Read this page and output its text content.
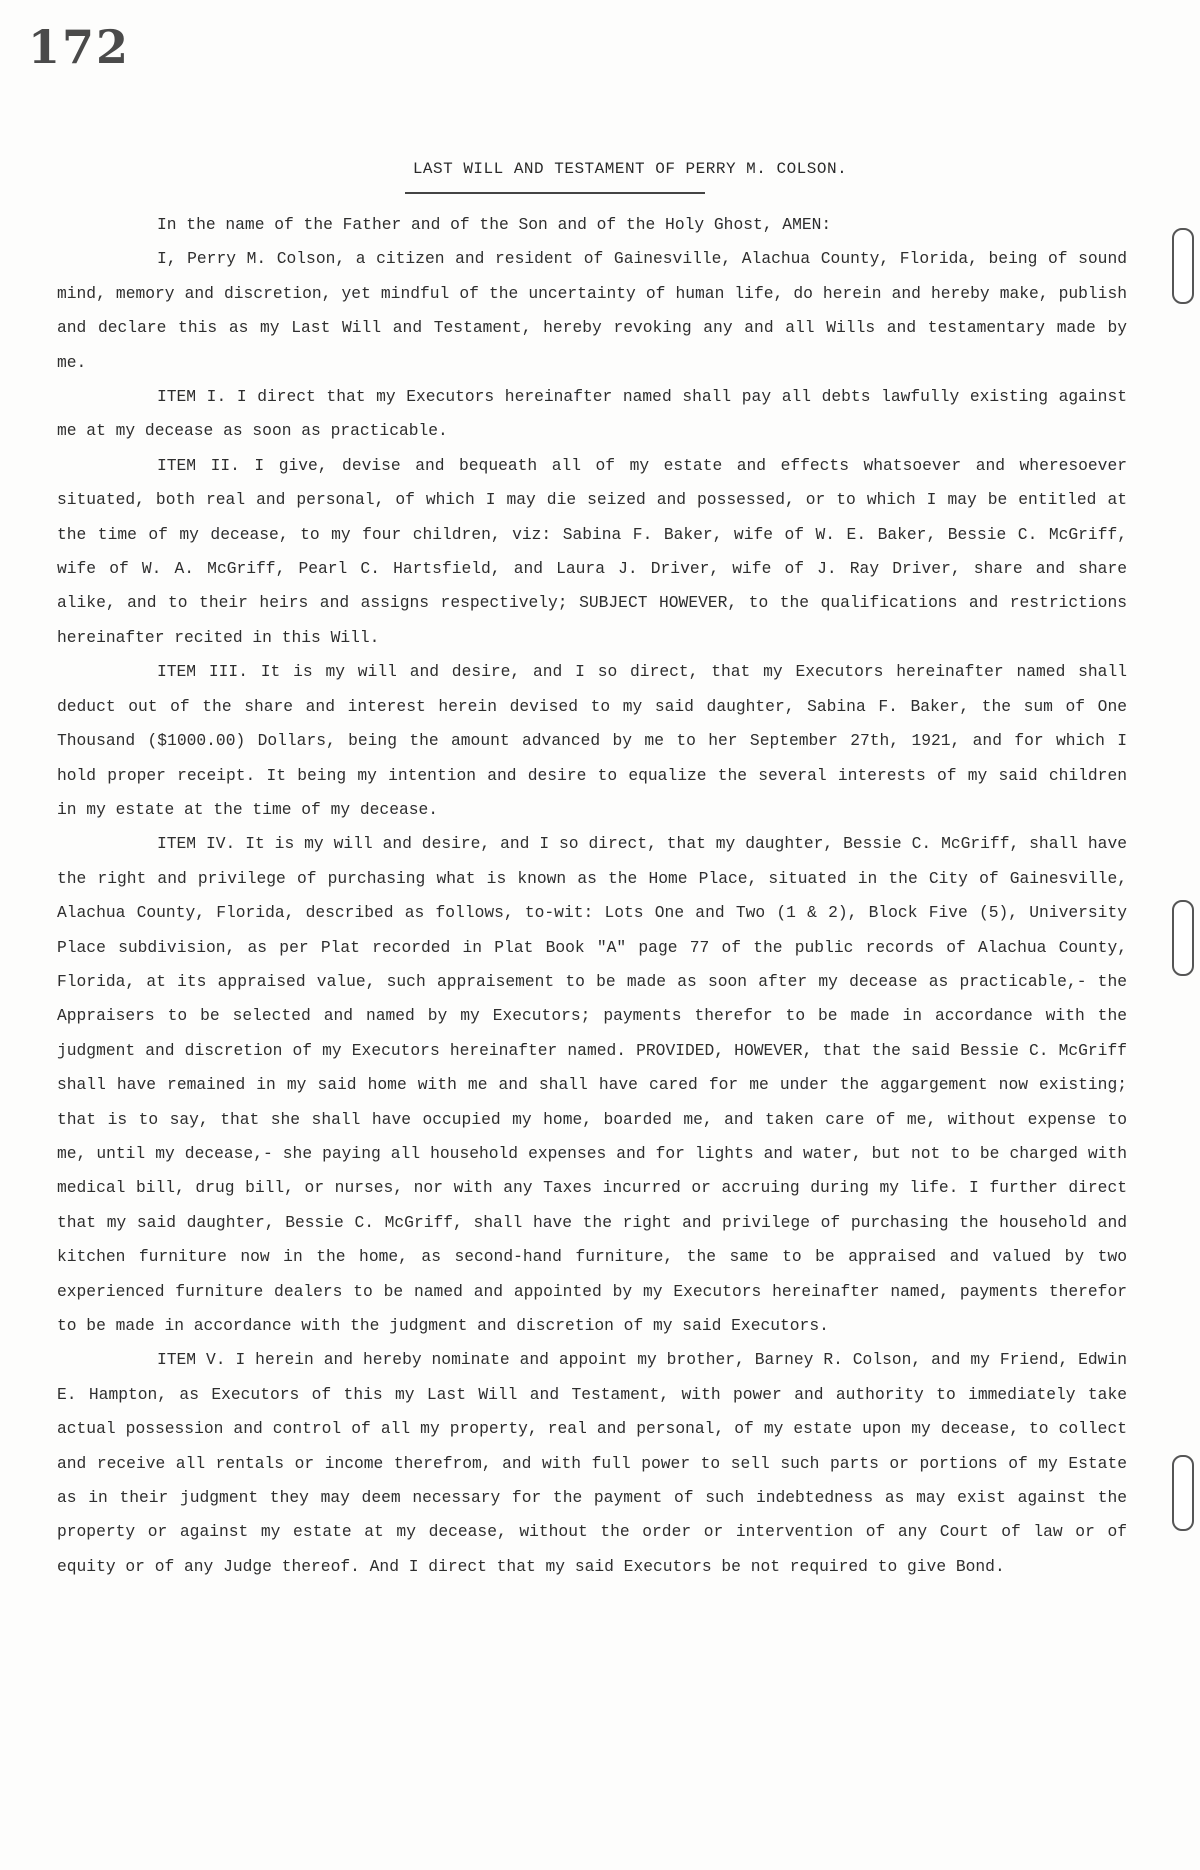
172
LAST WILL AND TESTAMENT OF PERRY M. COLSON.

In the name of the Father and of the Son and of the Holy Ghost, AMEN:

I, Perry M. Colson, a citizen and resident of Gainesville, Alachua County, Florida, being of sound mind, memory and discretion, yet mindful of the uncertainty of human life, do herein and hereby make, publish and declare this as my Last Will and Testament, hereby revoking any and all Wills and testamentary made by me.

ITEM I. I direct that my Executors hereinafter named shall pay all debts lawfully existing against me at my decease as soon as practicable.

ITEM II. I give, devise and bequeath all of my estate and effects whatsoever and wheresoever situated, both real and personal, of which I may die seized and possessed, or to which I may be entitled at the time of my decease, to my four children, viz: Sabina F. Baker, wife of W. E. Baker, Bessie C. McGriff, wife of W. A. McGriff, Pearl C. Hartsfield, and Laura J. Driver, wife of J. Ray Driver, share and share alike, and to their heirs and assigns respectively; SUBJECT HOWEVER, to the qualifications and restrictions hereinafter recited in this Will.

ITEM III. It is my will and desire, and I so direct, that my Executors hereinafter named shall deduct out of the share and interest herein devised to my said daughter, Sabina F. Baker, the sum of One Thousand ($1000.00) Dollars, being the amount advanced by me to her September 27th, 1921, and for which I hold proper receipt. It being my intention and desire to equalize the several interests of my said children in my estate at the time of my decease.

ITEM IV. It is my will and desire, and I so direct, that my daughter, Bessie C. McGriff, shall have the right and privilege of purchasing what is known as the Home Place, situated in the City of Gainesville, Alachua County, Florida, described as follows, to-wit: Lots One and Two (1 & 2), Block Five (5), University Place subdivision, as per Plat recorded in Plat Book "A" page 77 of the public records of Alachua County, Florida, at its appraised value, such appraisement to be made as soon after my decease as practicable,- the Appraisers to be selected and named by my Executors; payments therefor to be made in accordance with the judgment and discretion of my Executors hereinafter named. PROVIDED, HOWEVER, that the said Bessie C. McGriff shall have remained in my said home with me and shall have cared for me under the aggargement now existing; that is to say, that she shall have occupied my home, boarded me, and taken care of me, without expense to me, until my decease,- she paying all household expenses and for lights and water, but not to be charged with medical bill, drug bill, or nurses, nor with any Taxes incurred or accruing during my life. I further direct that my said daughter, Bessie C. McGriff, shall have the right and privilege of purchasing the household and kitchen furniture now in the home, as second-hand furniture, the same to be appraised and valued by two experienced furniture dealers to be named and appointed by my Executors hereinafter named, payments therefor to be made in accordance with the judgment and discretion of my said Executors.

ITEM V. I herein and hereby nominate and appoint my brother, Barney R. Colson, and my Friend, Edwin E. Hampton, as Executors of this my Last Will and Testament, with power and authority to immediately take actual possession and control of all my property, real and personal, of my estate upon my decease, to collect and receive all rentals or income therefrom, and with full power to sell such parts or portions of my Estate as in their judgment they may deem necessary for the payment of such indebtedness as may exist against the property or against my estate at my decease, without the order or intervention of any Court of law or of equity or of any Judge thereof. And I direct that my said Executors be not required to give Bond.
